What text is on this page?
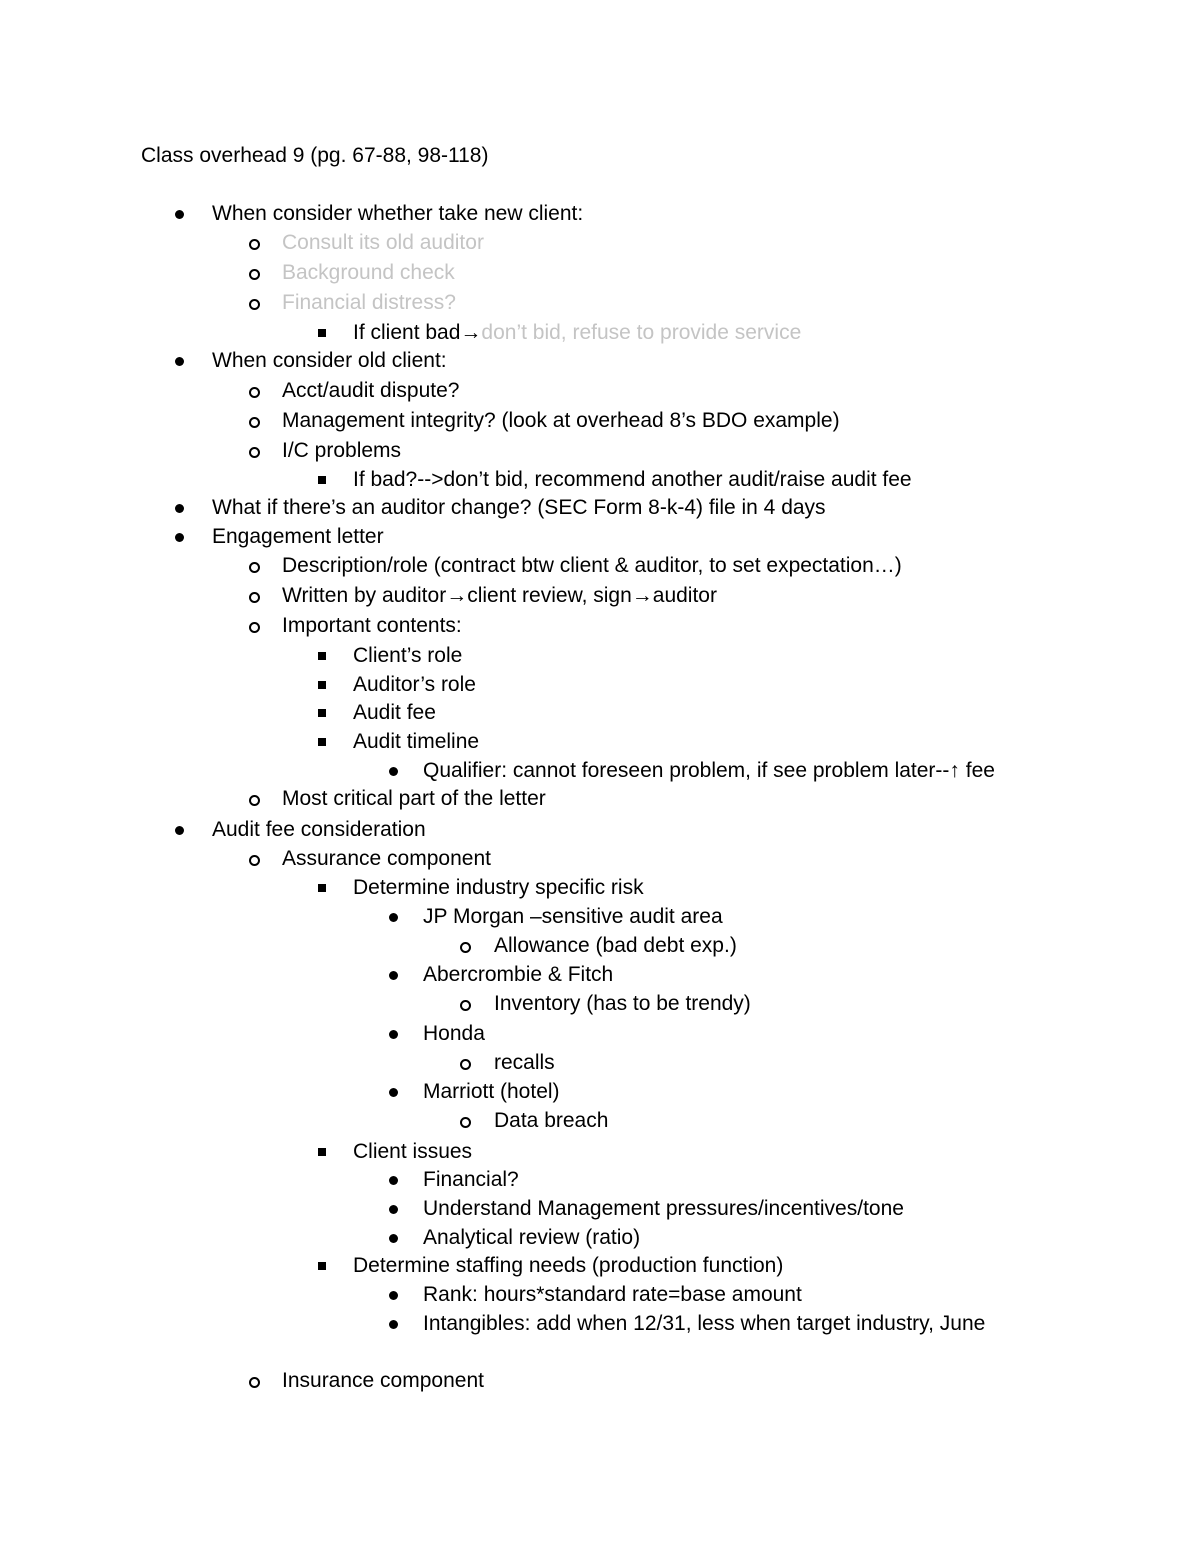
Class overhead 9 (pg. 67-88, 98-118)
When consider whether take new client:
Consult its old auditor
Background check
Financial distress?
If client bad→don’t bid, refuse to provide service
When consider old client:
Acct/audit dispute?
Management integrity? (look at overhead 8’s BDO example)
I/C problems
If bad?-->don’t bid, recommend another audit/raise audit fee
What if there’s an auditor change? (SEC Form 8-k-4) file in 4 days
Engagement letter
Description/role (contract btw client & auditor, to set expectation…)
Written by auditor→client review, sign→auditor
Important contents:
Client’s role
Auditor’s role
Audit fee
Audit timeline
Qualifier: cannot foreseen problem, if see problem later--↑ fee
Most critical part of the letter
Audit fee consideration
Assurance component
Determine industry specific risk
JP Morgan –sensitive audit area
Allowance (bad debt exp.)
Abercrombie & Fitch
Inventory (has to be trendy)
Honda
recalls
Marriott (hotel)
Data breach
Client issues
Financial?
Understand Management pressures/incentives/tone
Analytical review (ratio)
Determine staffing needs (production function)
Rank: hours*standard rate=base amount
Intangibles: add when 12/31, less when target industry, June
Insurance component
